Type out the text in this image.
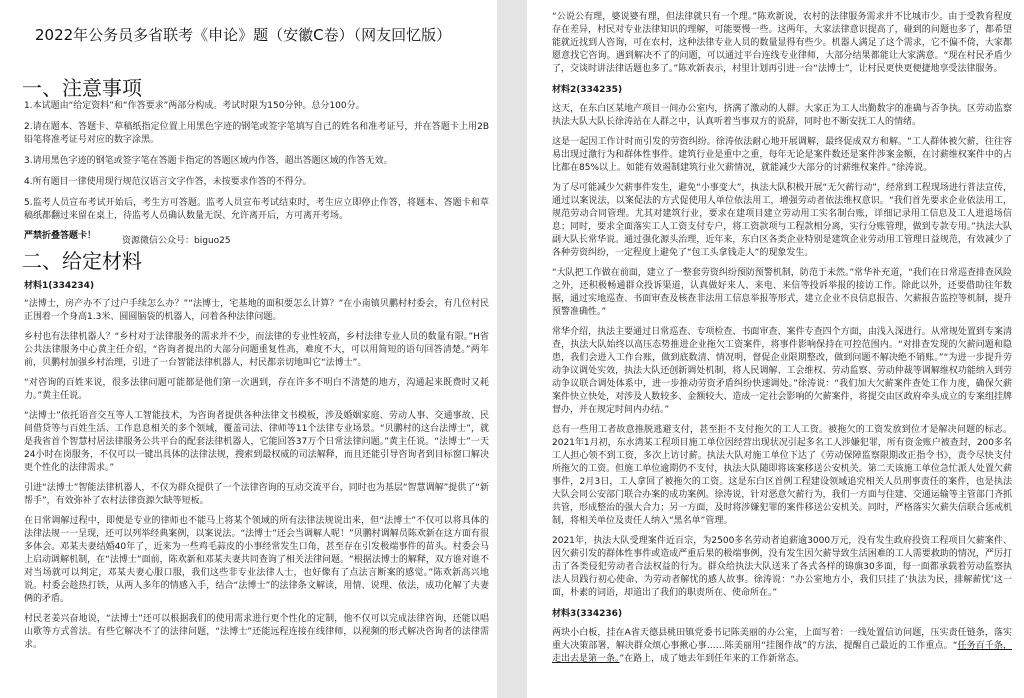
2022年公务员多省联考《申论》题（安徽C卷）（网友回忆版）
一、注意事项
1.本试题由“给定资料”和“作答要求”两部分构成。考试时限为150分钟。总分100分。
2.请在题本、答题卡、草稿纸指定位置上用黑色字迹的钢笔或签字笔填写自己的姓名和准考证号，并在答题卡上用2B铅笔将准考证号对应的数字涂黑。
3.请用黑色字迹的钢笔或签字笔在答题卡指定的答题区域内作答，超出答题区域的作答无效。
4.所有题目一律使用现行规范汉语言文字作答，未按要求作答的不得分。
5.监考人员宣布考试开始后，考生方可答题。监考人员宣布考试结束时，考生应立即停止作答，将题本、答题卡和草稿纸都翻过来留在桌上，待监考人员确认数量无误、允许离开后，方可离开考场。
严禁折叠答题卡！	资源微信公众号：biguo25
二、给定材料
材料1(334234)

“法博士，房产办不了过户手续怎么办？”“法博士，宅基地的面积要怎么计算？”在小南镇贝鹏村村委会，有几位村民正围着一个身高1.3米、圆圆脑袋的机器人，问着各种法律问题。

乡村也有法律机器人？“乡村对于法律服务的需求并不少，而法律的专业性较高，乡村法律专业人员的数量有限。”H省公共法律服务中心黄主任介绍，“咨询者提出的大部分问题重复性高，难度不大，可以用简短的语句回答清楚。”两年前，贝鹏村加强乡村治理，引进了一台智能法律机器人，村民都亲切地叫它“法博士”。

“对咨询的百姓来说，很多法律问题可能都是他们第一次遇到，存在许多不明白不清楚的地方，沟通起来既费时又耗力。”黄主任说。

“法博士”依托语音交互等人工智能技术，为咨询者提供各种法律文书模板，涉及婚姻家庭、劳动人事、交通事故、民间借贷等与百姓生活、工作息息相关的多个领域，覆盖司法、律师等11个法律专业场景。“贝鹏村的这台法博士”，就是我省首个智慧村居法律服务公共平台的配套法律机器人，它能回答37万个日常法律问题。”黄主任说。“法博士”一天24小时在岗服务，不仅可以一键出具体的法律法规，搜索到最权威的司法解释，而且还能引导咨询者到目标窗口解决更个性化的法律需求。”

引进“法博士”智能法律机器人，不仅为群众提供了一个法律咨询的互动交流平台，同时也为基层“智慧调解”提供了“新帮手”，有效弥补了农村法律资源欠缺等短板。

在日常调解过程中，即便是专业的律师也不能马上将某个领域的所有法律法规说出来，但“法博士”不仅可以将具体的法律法规一一呈现，还可以列举经典案例，以案说法。“法博士”还会当调解人呢！”贝鹏村调解员陈欢新在这方面有很多体会。邓某夫妻结婚40年了，近来为一些鸡毛蒜皮的小事经常发生口角，甚至存在引发极端事件的苗头。村委会马上启动调解机制，在“法博士”面前，陈欢新和邓某夫妻共同查询了相关法律问题。“根据法博士的解释，双方谁对谁不对当场就可以判定，邓某夫妻心服口服，我们这些非专业法律人士，也好像有了点法言断案的感觉。”陈欢新高兴地说。村委会趁热打铁，从两人多年的情感入手，结合“法博士”的法律条文解读，用情、说理、依法，成功化解了夫妻俩的矛盾。

村民老姜兴奋地说，“法博士”还可以根据我们的使用需求进行更个性化的定制，他不仅可以完成法律咨询，还能以唱山歌等方式普法。有些它解决不了的法律问题，“法博士”还能远程连接在线律师，以视频的形式解决咨询者的法律需求。

“公说公有理，婆说婆有理，但法律就只有一个理。”陈欢新说，农村的法律服务需求并不比城市少。由于受教育程度存在差异，村民对专业法律知识的理解，可能要慢一些。这两年，大家法律意识提高了，碰到的问题也多了，都希望能就近找到人咨询，可在农村，这种法律专业人员的数量显得有些少。机器人满足了这个需求，它不偏不倚，大家都愿意找它咨询。遇到解决不了的问题，可以通过平台连线专业律师，大部分结果都能让大家满意。“现在村民矛盾少了，交谈时讲法律话题也多了。”陈欢新表示，村里计划再引进一台“法博士”，让村民更快更便捷地享受法律服务。

材料2(334235)

这天，在东白区某地产项目一间办公室内，挤满了激动的人群。大家正为工人出勤数字的准确与否争执。区劳动监察执法大队大队长徐涛站在人群之中，认真听着当事双方的说辞，同时也不断安抚工人的情绪。

这是一起因工作计时而引发的劳资纠纷。徐涛依法耐心地开展调解，最终促成双方和解。“工人群体被欠薪，往往容易出现过激行为和群体性事件。建筑行业是重中之重，每年无论是案件数还是案件涉案金额，在讨薪维权案件中的占比都在85%以上。如能有效遏制建筑行业欠薪情况，就能减少大部分的讨薪维权案件。”徐涛说。

为了尽可能减少欠薪事件发生，避免“小事变大”，执法大队积极开展“无欠薪行动”，经常到工程现场进行普法宣传，通过以案说法，以案促法的方式促使用人单位依法用工，增强劳动者依法维权意识。“我们首先要求企业依法用工，规范劳动合同管理。尤其对建筑行业，要求在建项目建立劳动用工实名制台账，详细记录用工信息及工人进退场信息；同时，要求全面落实工人工资支付专户，将工资款项与工程款相分离，实行分账管理，做到专款专用。”执法大队副大队长常华说。通过强化源头治理，近年来，东白区各类企业特别是建筑企业劳动用工管理日益规范，有效减少了各种劳资纠纷，一定程度上避免了“包工头拿钱走人”的现象发生。

“大队把工作做在前面，建立了一整套劳资纠纷预防预警机制，防范于未然。”常华补充道，“我们在日常巡查排查风险之外，还积极畅通群众投诉渠道，认真做好来人、来电、来信等投诉举报的接访工作。除此以外，还要借助往年数据，通过实地巡查、书面审查及核查非法用工信息举报等形式，建立企业不良信息报告、欠薪报告监控等机制，提升预警准确性。”

常华介绍，执法主要通过日常巡查、专项检查、书面审查、案件专查四个方面，由浅入深进行。从常规处置到专案清查，执法大队始终以高压态势推进企业拖欠工资案件，将事件影响保持在可控范围内。“对排查发现的欠薪问题和隐患，我们会进入工作台账，做到底数清、情况明，督促企业限期整改，做到问题不解决绝不销账。”“为进一步提升劳动争议调处实效，执法大队还创新调处机制，将人民调解、工会维权、劳动监察、劳动仲裁等调解维权功能纳入到劳动争议联合调处体系中，进一步推动劳资矛盾纠纷快速调处。”徐涛说：“我们加大欠薪案件查处工作力度，确保欠薪案件快立快处，对涉及人数较多、金额较大、造成一定社会影响的欠薪案件，将提交由区政府牵头成立的专案组挂牌督办，并在规定时间内办结。”

总有一些用工者故意推脱逃避支付，甚至拒不支付拖欠的工人工资。被拖欠的工资发放到位才是解决问题的标志。2021年1月初，东水湾某工程项目施工单位因经营出现状况引起多名工人涉嫌犯罪，所有资金账户被查封，200多名工人担心领不到工资，多次上访讨薪。执法大队对施工单位下达了《劳动保障监察限期改正指令书》，责令尽快支付所拖欠的工资。但施工单位逾期仍不支付，执法大队随即将该案移送公安机关。第二天该施工单位急忙派人处置欠薪事件，2月3日，工人拿回了被拖欠的工资。这是东白区首例工程建设领域追究相关人员刑事责任的案件，也是执法大队会同公安部门联合办案的成功案例。徐涛说，针对恶意欠薪行为，我们一方面与住建、交通运输等主管部门齐抓共管，形成整治的强大合力；另一方面，及时将涉嫌犯罪的案件移送公安机关。同时，严格落实欠薪失信联合惩戒机制，将相关单位及责任人纳入“黑名单”管理。

2021年，执法大队受理案件近百宗，为2500多名劳动者追薪逾3000万元，没有发生政府投资工程项目欠薪案件、因欠薪引发的群体性事件或造成严重后果的极端事例，没有发生因欠薪导致生活困难的工人需要救助的情况，严厉打击了各类侵犯劳动者合法权益的行为。群众给执法大队送来了各式各样的锦旗30多面，每一面都承载着劳动监察执法人员践行初心使命、为劳动者解忧的感人故事。徐涛说：“办公室地方小，我们只挂了‘执法为民，排解薪忧’这一面，朴素的词语，却道出了我们的职责所在、使命所在。”

材料3(334236)

两块小白板，挂在A省天德县桃田镇党委书记陈美丽的办公室，上面写着：一线处置信访问题，压实责任链条，落实重大决策部署，解决群众烦心事揪心事……陈美丽用“挂图作战”的方法，提醒自己最近的工作重点。“任务百千条，走出去是第一条。”在路上，成了她去年到任年来的工作新常态。
